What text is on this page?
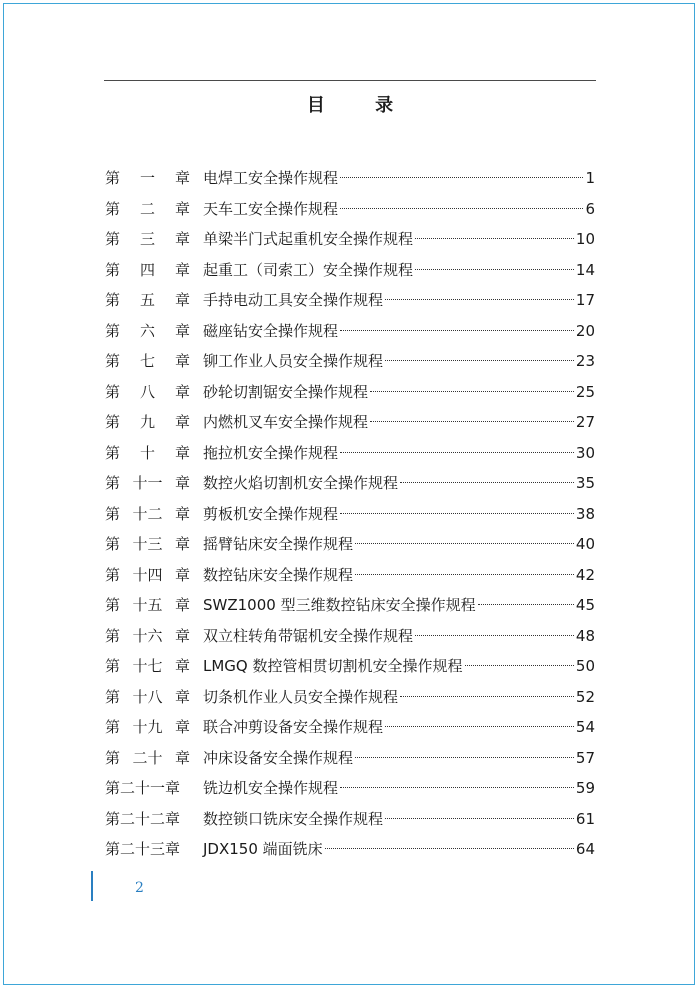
目 录
第 一 章 电焊工安全操作规程	1
第 二 章 天车工安全操作规程	6
第 三 章 单梁半门式起重机安全操作规程	10
第 四 章 起重工（司索工）安全操作规程	14
第 五 章 手持电动工具安全操作规程	17
第 六 章 磁座钻安全操作规程	20
第 七 章 铆工作业人员安全操作规程	23
第 八 章 砂轮切割锯安全操作规程	25
第 九 章 内燃机叉车安全操作规程	27
第 十 章 拖拉机安全操作规程	30
第 十一 章 数控火焰切割机安全操作规程	35
第 十二 章 剪板机安全操作规程	38
第 十三 章 摇臂钻床安全操作规程	40
第 十四 章 数控钻床安全操作规程	42
第 十五 章 SWZ1000 型三维数控钻床安全操作规程	45
第 十六 章 双立柱转角带锯机安全操作规程	48
第 十七 章 LMGQ 数控管相贯切割机安全操作规程	50
第 十八 章 切条机作业人员安全操作规程	52
第 十九 章 联合冲剪设备安全操作规程	54
第 二十 章 冲床设备安全操作规程	57
第二十一章 铣边机安全操作规程	59
第二十二章 数控锁口铣床安全操作规程	61
第二十三章 JDX150 端面铣床	64
2
